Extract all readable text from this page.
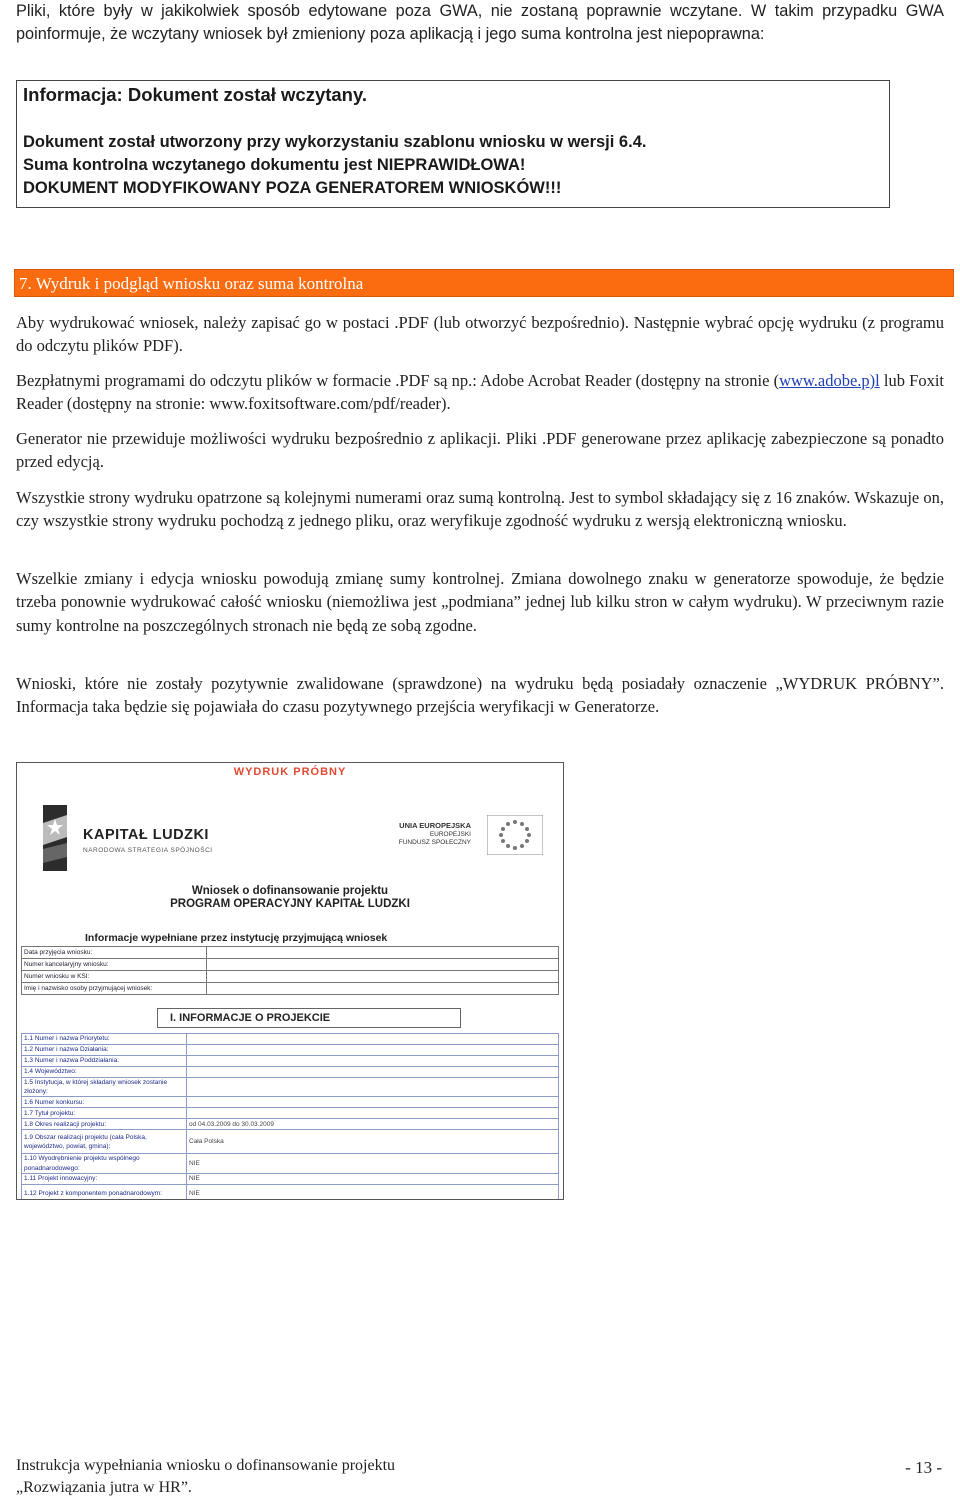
Pliki, które były w jakikolwiek sposób edytowane poza GWA, nie zostaną poprawnie wczytane. W takim przypadku GWA poinformuje, że wczytany wniosek był zmieniony poza aplikacją i jego suma kontrolna jest niepoprawna:

Informacja: Dokument został wczytany.
Dokument został utworzony przy wykorzystaniu szablonu wniosku w wersji 6.4.
Suma kontrolna wczytanego dokumentu jest NIEPRAWIDŁOWA!
DOKUMENT MODYFIKOWANY POZA GENERATOREM WNIOSKÓW!!!
7. Wydruk i podgląd wniosku oraz suma kontrolna

Aby wydrukować wniosek, należy zapisać go w postaci .PDF (lub otworzyć bezpośrednio). Następnie wybrać opcję wydruku (z programu do odczytu plików PDF).

Bezpłatnymi programami do odczytu plików w formacie .PDF są np.: Adobe Acrobat Reader (dostępny na stronie (www.adobe.p)l lub Foxit Reader (dostępny na stronie: www.foxitsoftware.com/pdf/reader).

Generator nie przewiduje możliwości wydruku bezpośrednio z aplikacji. Pliki .PDF generowane przez aplikację zabezpieczone są ponadto przed edycją.

Wszystkie strony wydruku opatrzone są kolejnymi numerami oraz sumą kontrolną. Jest to symbol składający się z 16 znaków. Wskazuje on, czy wszystkie strony wydruku pochodzą z jednego pliku, oraz weryfikuje zgodność wydruku z wersją elektroniczną wniosku.

Wszelkie zmiany i edycja wniosku powodują zmianę sumy kontrolnej. Zmiana dowolnego znaku w generatorze spowoduje, że będzie trzeba ponownie wydrukować całość wniosku (niemożliwa jest „podmiana” jednej lub kilku stron w całym wydruku). W przeciwnym razie sumy kontrolne na poszczególnych stronach nie będą ze sobą zgodne.

Wnioski, które nie zostały pozytywnie zwalidowane (sprawdzone) na wydruku będą posiadały oznaczenie „WYDRUK PRÓBNY”. Informacja taka będzie się pojawiała do czasu pozytywnego przejścia weryfikacji w Generatorze.

WYDRUK PRÓBNY
KAPITAŁ LUDZKI
NARODOWA STRATEGIA SPÓJNOŚCI
UNIA EUROPEJSKA
EUROPEJSKI
FUNDUSZ SPOŁECZNY
Wniosek o dofinansowanie projektu
PROGRAM OPERACYJNY KAPITAŁ LUDZKI
Informacje wypełniane przez instytucję przyjmującą wniosek
Data przyjęcia wniosku:	
Numer kancelaryjny wniosku:	
Numer wniosku w KSI:	
Imię i nazwisko osoby przyjmującej wniosek:	
I. INFORMACJE O PROJEKCIE
1.1 Numer i nazwa Priorytetu:	
1.2 Numer i nazwa Działania:	
1.3 Numer i nazwa Poddziałania:	
1.4 Województwo:	
1.5 Instytucja, w której składany wniosek zostanie złożony:	
1.6 Numer konkursu:	
1.7 Tytuł projektu:	
1.8 Okres realizacji projektu:	od 04.03.2009 do 30.03.2009
1.9 Obszar realizacji projektu (cała Polska, województwo, powiat, gmina):	Cała Polska
1.10 Wyodrębnienie projektu wspólnego ponadnarodowego:	NIE
1.11 Projekt innowacyjny:	NIE
1.12 Projekt z komponentem ponadnarodowym:	NIE
Instrukcja wypełniania wniosku o dofinansowanie projektu
„Rozwiązania jutra w HR”.
- 13 -
